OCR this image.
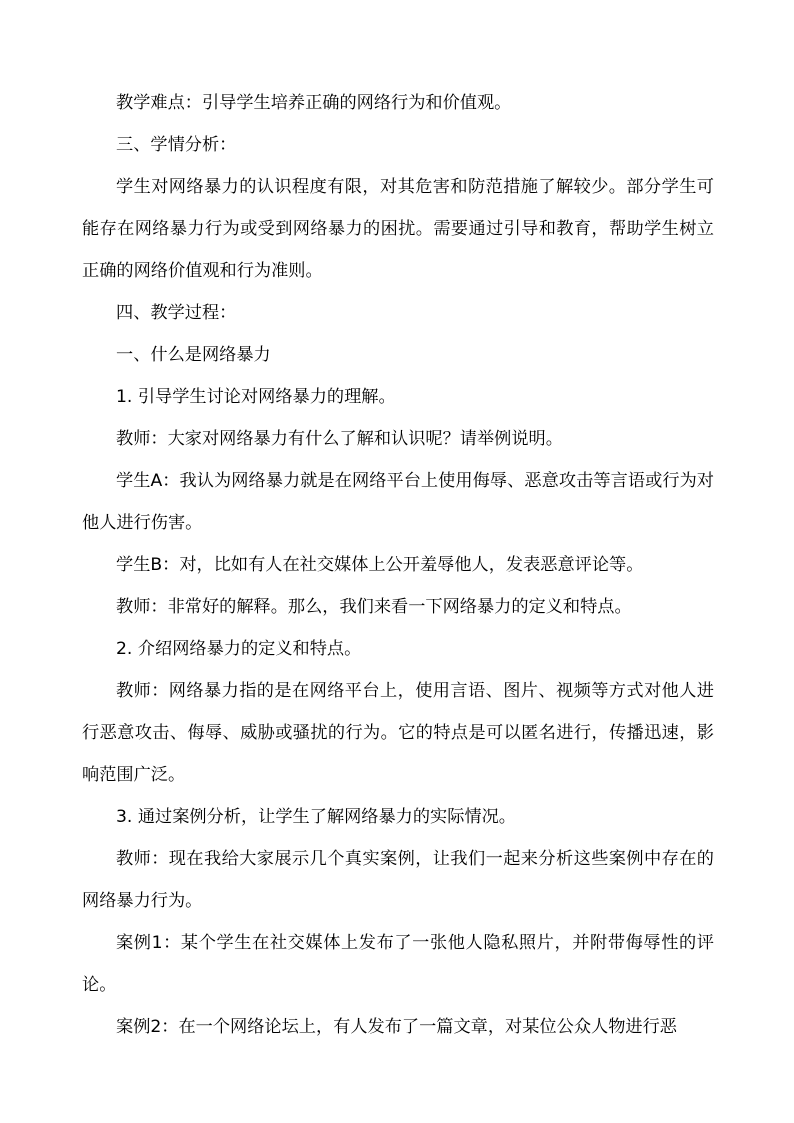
教学难点：引导学生培养正确的网络行为和价值观。

三、学情分析：

学生对网络暴力的认识程度有限，对其危害和防范措施了解较少。部分学生可能存在网络暴力行为或受到网络暴力的困扰。需要通过引导和教育，帮助学生树立正确的网络价值观和行为准则。

四、教学过程：

一、什么是网络暴力

1. 引导学生讨论对网络暴力的理解。

教师：大家对网络暴力有什么了解和认识呢？请举例说明。

学生A：我认为网络暴力就是在网络平台上使用侮辱、恶意攻击等言语或行为对他人进行伤害。

学生B：对，比如有人在社交媒体上公开羞辱他人，发表恶意评论等。

教师：非常好的解释。那么，我们来看一下网络暴力的定义和特点。

2. 介绍网络暴力的定义和特点。

教师：网络暴力指的是在网络平台上，使用言语、图片、视频等方式对他人进行恶意攻击、侮辱、威胁或骚扰的行为。它的特点是可以匿名进行，传播迅速，影响范围广泛。

3. 通过案例分析，让学生了解网络暴力的实际情况。

教师：现在我给大家展示几个真实案例，让我们一起来分析这些案例中存在的网络暴力行为。

案例1：某个学生在社交媒体上发布了一张他人隐私照片，并附带侮辱性的评论。

案例2：在一个网络论坛上，有人发布了一篇文章，对某位公众人物进行恶
